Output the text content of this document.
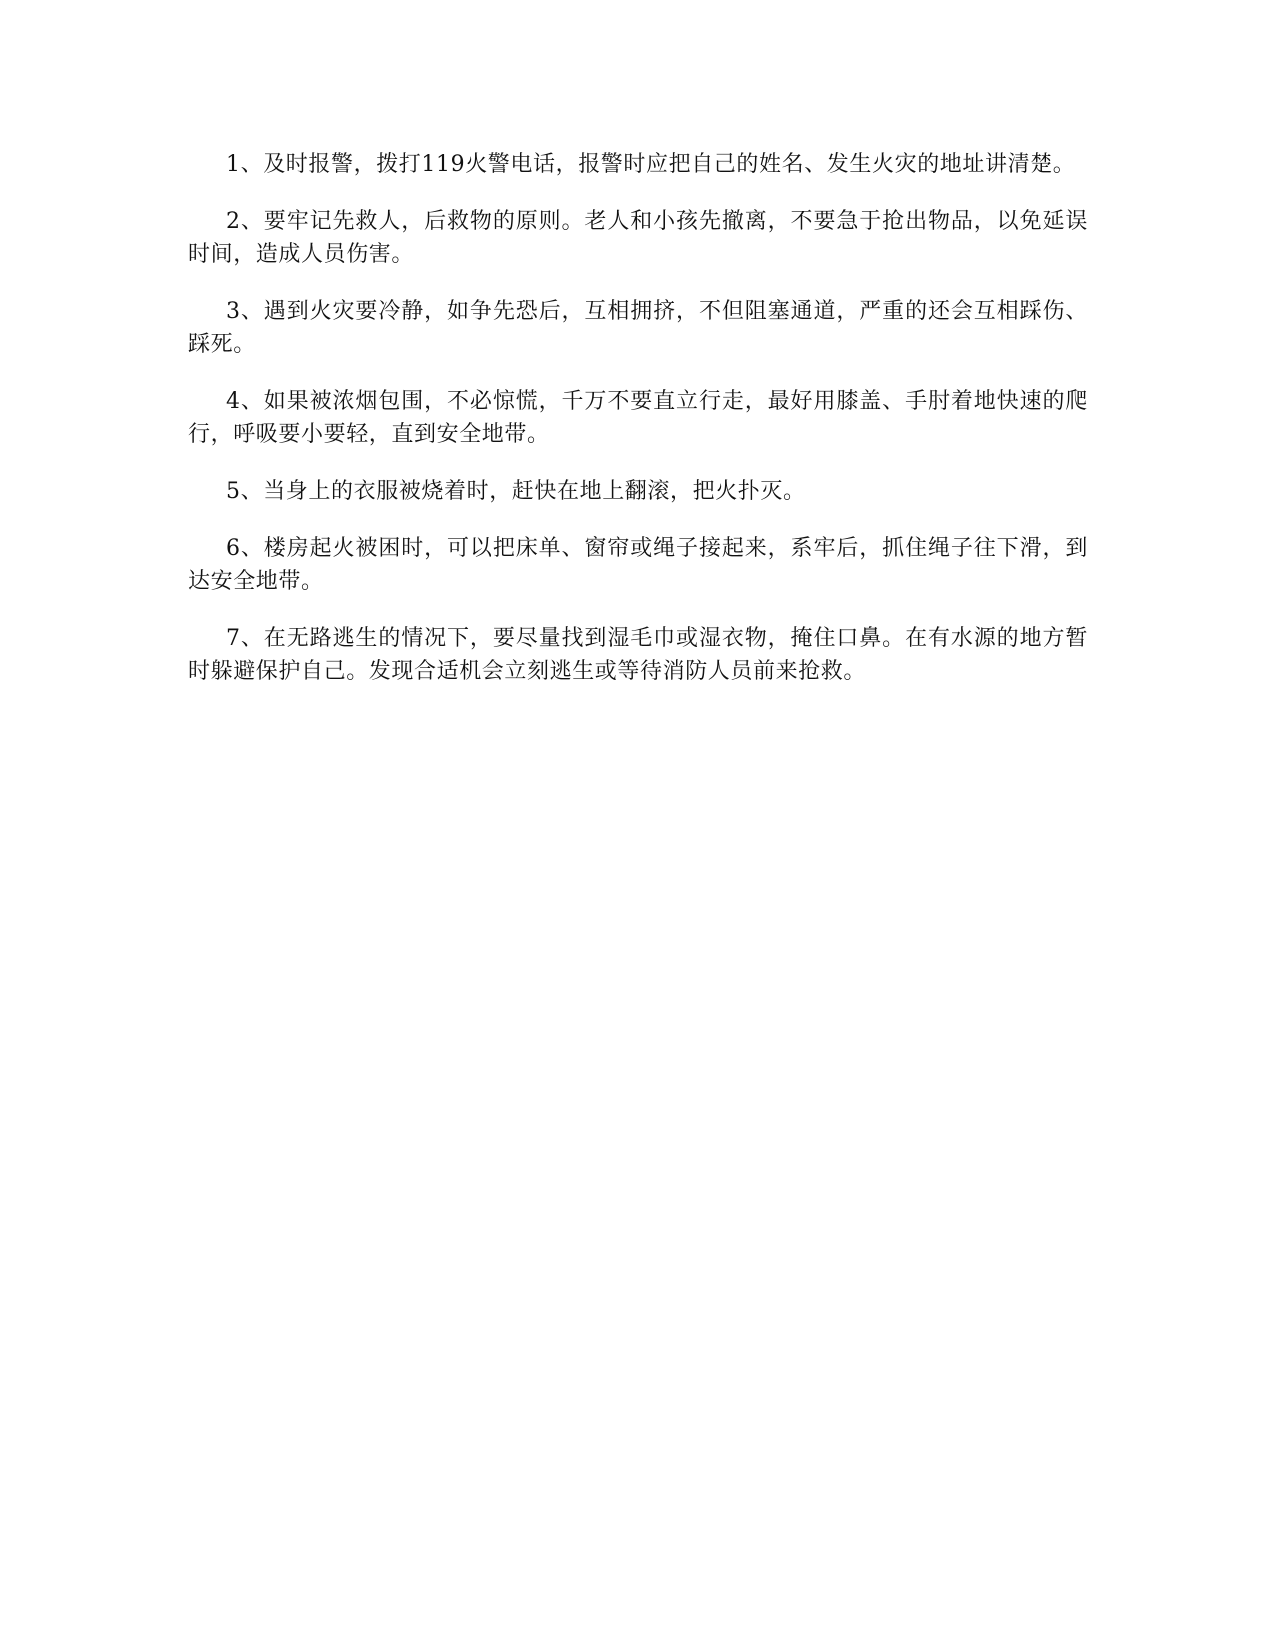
1、及时报警，拨打119火警电话，报警时应把自己的姓名、发生火灾的地址讲清楚。

2、要牢记先救人，后救物的原则。老人和小孩先撤离，不要急于抢出物品，以免延误时间，造成人员伤害。

3、遇到火灾要冷静，如争先恐后，互相拥挤，不但阻塞通道，严重的还会互相踩伤、踩死。

4、如果被浓烟包围，不必惊慌，千万不要直立行走，最好用膝盖、手肘着地快速的爬行，呼吸要小要轻，直到安全地带。

5、当身上的衣服被烧着时，赶快在地上翻滚，把火扑灭。

6、楼房起火被困时，可以把床单、窗帘或绳子接起来，系牢后，抓住绳子往下滑，到达安全地带。

7、在无路逃生的情况下，要尽量找到湿毛巾或湿衣物，掩住口鼻。在有水源的地方暂时躲避保护自己。发现合适机会立刻逃生或等待消防人员前来抢救。
